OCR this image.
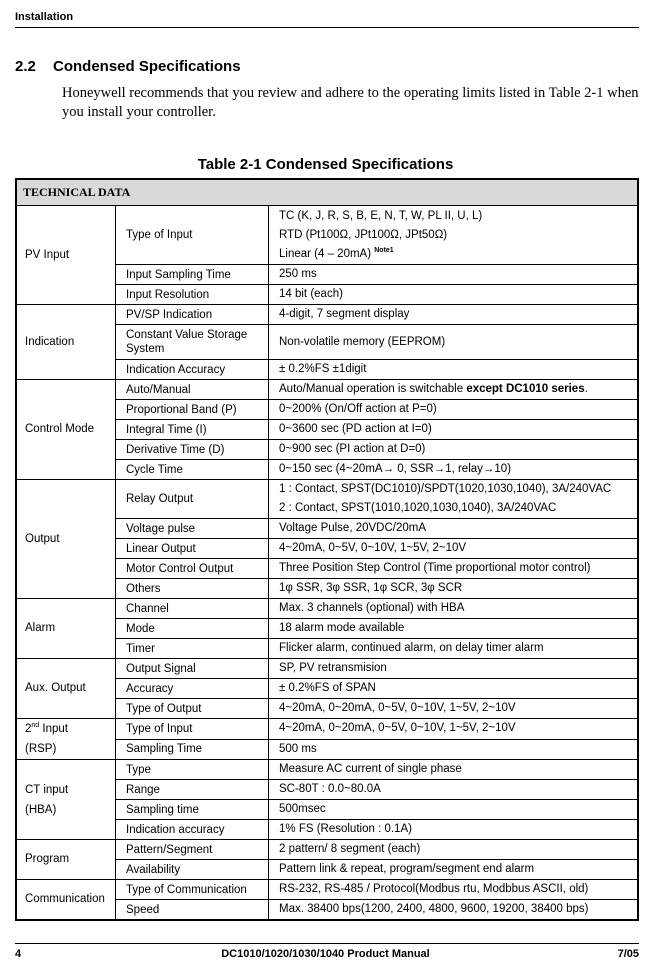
Installation
2.2 Condensed Specifications
Honeywell recommends that you review and adhere to the operating limits listed in Table 2-1 when you install your controller.
Table 2-1 Condensed Specifications
TECHNICAL DATA		
PV Input	Type of Input	TC (K, J, R, S, B, E, N, T, W, PL II, U, L)
RTD (Pt100Ω, JPt100Ω, JPt50Ω)
Linear (4 – 20mA) $^{Note1}$

	Input Sampling Time	250 ms

	Input Resolution	14 bit (each)

Indication	PV/SP Indication	4-digit, 7 segment display

	Constant Value Storage System	Non-volatile memory (EEPROM)

	Indication Accuracy	± 0.2%FS ±1digit

Control Mode	Auto/Manual	Auto/Manual operation is switchable except DC1010 series.

	Proportional Band (P)	0~200% (On/Off action at P=0)

	Integral Time (I)	0~3600 sec (PD action at I=0)

	Derivative Time (D)	0~900 sec (PI action at D=0)

	Cycle Time	0~150 sec (4~20mA→ 0, SSR→1, relay→10)

Output	Relay Output	1 : Contact, SPST(DC1010)/SPDT(1020,1030,1040), 3A/240VAC
2 : Contact, SPST(1010,1020,1030,1040), 3A/240VAC

	Voltage pulse	Voltage Pulse, 20VDC/20mA

	Linear Output	4~20mA, 0~5V, 0~10V, 1~5V, 2~10V

	Motor Control Output	Three Position Step Control (Time proportional motor control)

	Others	1φ SSR, 3φ SSR, 1φ SCR, 3φ SCR

Alarm	Channel	Max. 3 channels (optional) with HBA

	Mode	18 alarm mode available

	Timer	Flicker alarm, continued alarm, on delay timer alarm

Aux. Output	Output Signal	SP, PV retransmision

	Accuracy	± 0.2%FS of SPAN

	Type of Output	4~20mA, 0~20mA, 0~5V, 0~10V, 1~5V, 2~10V

2nd Input
(RSP)	Type of Input	4~20mA, 0~20mA, 0~5V, 0~10V, 1~5V, 2~10V

	Sampling Time	500 ms

CT input
(HBA)	Type	Measure AC current of single phase

	Range	SC-80T : 0.0~80.0A

	Sampling time	500msec

	Indication accuracy	1% FS (Resolution : 0.1A)

Program	Pattern/Segment	2 pattern/ 8 segment (each)

	Availability	Pattern link & repeat, program/segment end alarm

Communication	Type of Communication	RS-232, RS-485 / Protocol(Modbus rtu, Modbbus ASCII, old)

	Speed	Max. 38400 bps(1200, 2400, 4800, 9600, 19200, 38400 bps)
4	DC1010/1020/1030/1040 Product Manual	7/05
